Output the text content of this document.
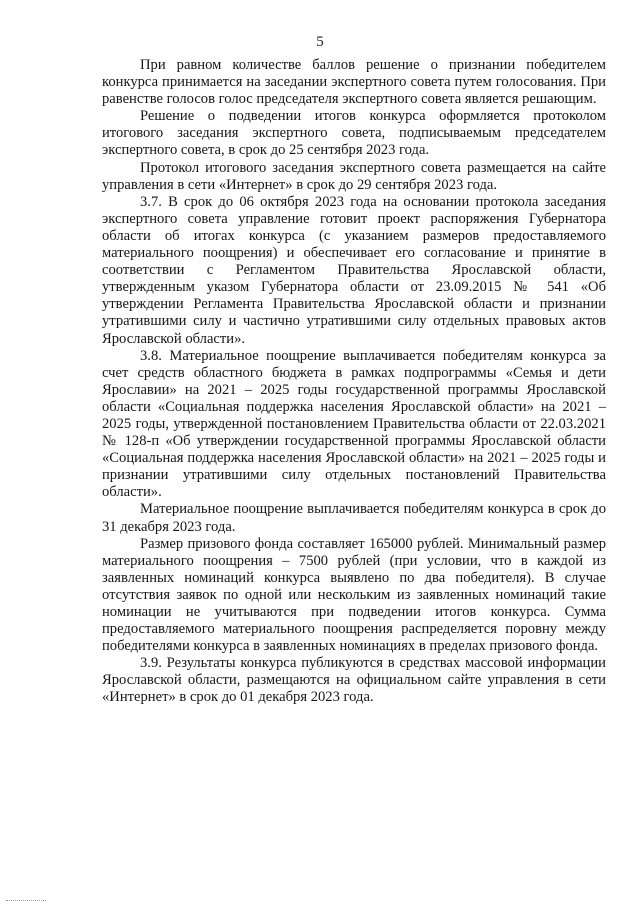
5

При равном количестве баллов решение о признании победителем конкурса принимается на заседании экспертного совета путем голосования. При равенстве голосов голос председателя экспертного совета является решающим.

Решение о подведении итогов конкурса оформляется протоколом итогового заседания экспертного совета, подписываемым председателем экспертного совета, в срок до 25 сентября 2023 года.

Протокол итогового заседания экспертного совета размещается на сайте управления в сети «Интернет» в срок до 29 сентября 2023 года.

3.7. В срок до 06 октября 2023 года на основании протокола заседания экспертного совета управление готовит проект распоряжения Губернатора области об итогах конкурса (с указанием размеров предоставляемого материального поощрения) и обеспечивает его согласование и принятие в соответствии с Регламентом Правительства Ярославской области, утвержденным указом Губернатора области от 23.09.2015 № 541 «Об утверждении Регламента Правительства Ярославской области и признании утратившими силу и частично утратившими силу отдельных правовых актов Ярославской области».

3.8. Материальное поощрение выплачивается победителям конкурса за счет средств областного бюджета в рамках подпрограммы «Семья и дети Ярославии» на 2021 – 2025 годы государственной программы Ярославской области «Социальная поддержка населения Ярославской области» на 2021 – 2025 годы, утвержденной постановлением Правительства области от 22.03.2021 № 128-п «Об утверждении государственной программы Ярославской области «Социальная поддержка населения Ярославской области» на 2021 – 2025 годы и признании утратившими силу отдельных постановлений Правительства области».

Материальное поощрение выплачивается победителям конкурса в срок до 31 декабря 2023 года.

Размер призового фонда составляет 165000 рублей. Минимальный размер материального поощрения – 7500 рублей (при условии, что в каждой из заявленных номинаций конкурса выявлено по два победителя). В случае отсутствия заявок по одной или нескольким из заявленных номинаций такие номинации не учитываются при подведении итогов конкурса. Сумма предоставляемого материального поощрения распределяется поровну между победителями конкурса в заявленных номинациях в пределах призового фонда.

3.9. Результаты конкурса публикуются в средствах массовой информации Ярославской области, размещаются на официальном сайте управления в сети «Интернет» в срок до 01 декабря 2023 года.
